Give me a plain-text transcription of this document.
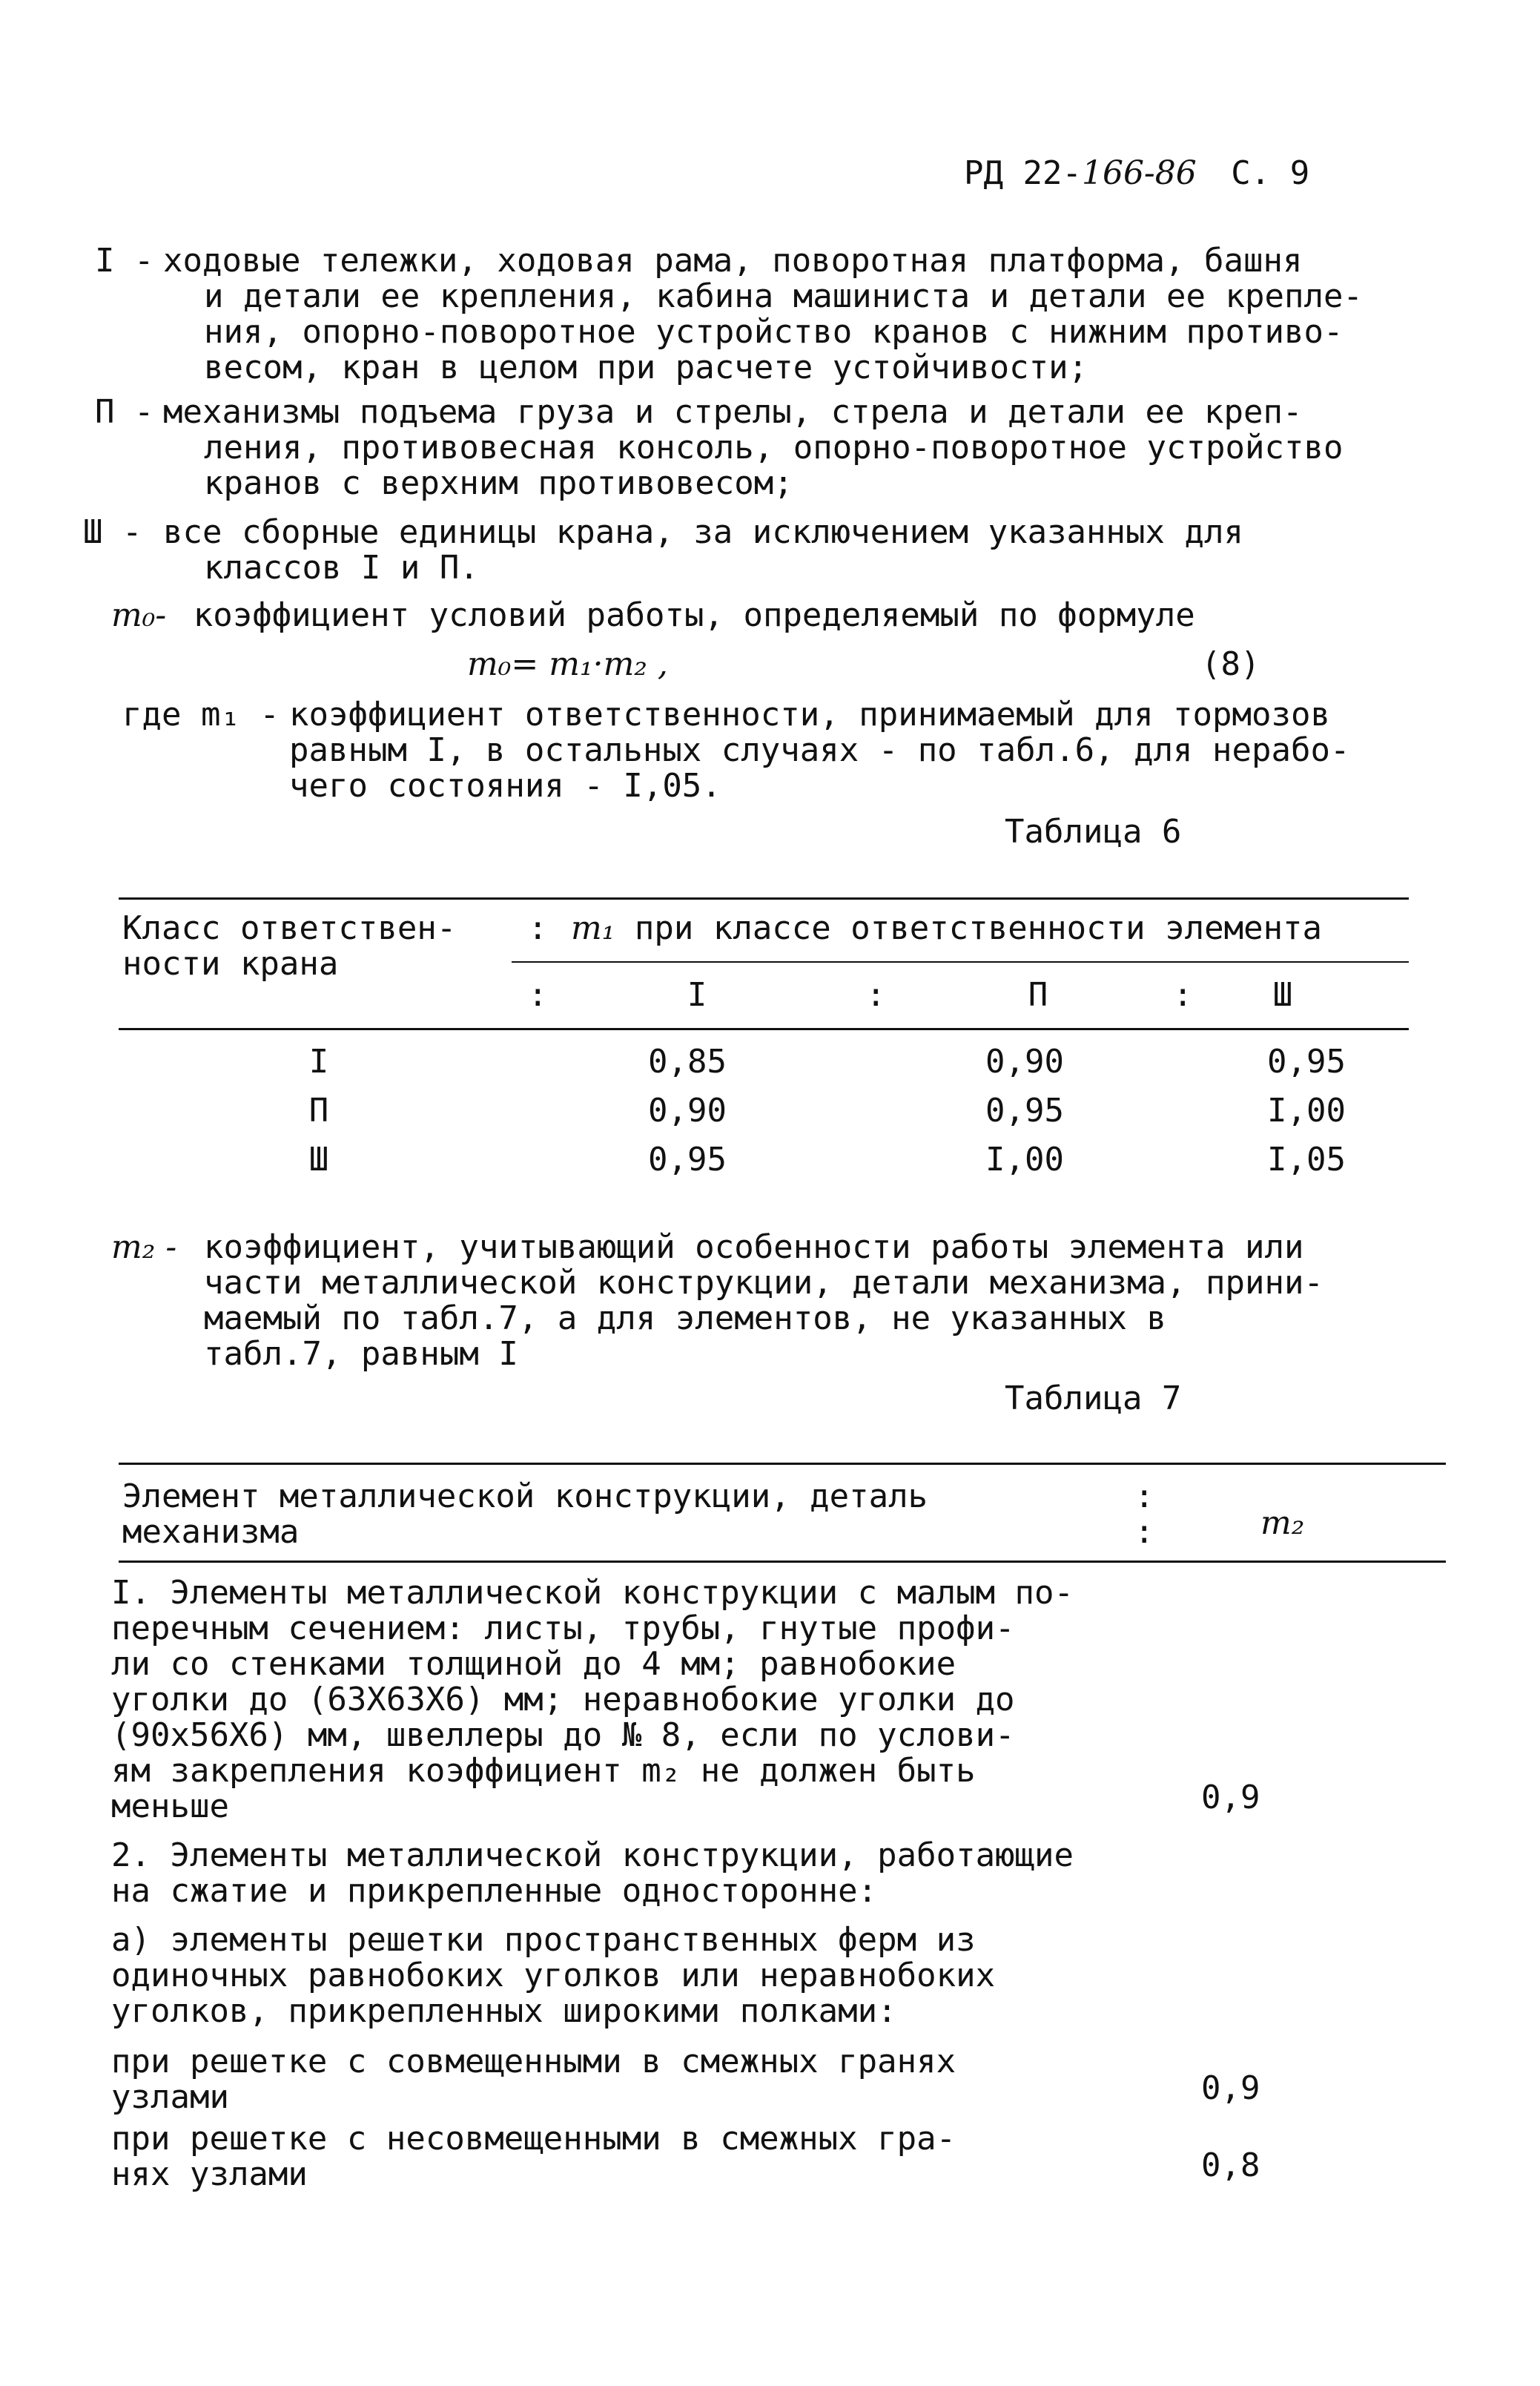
РД 22-166-86 С. 9
I - ходовые тележки, ходовая рама, поворотная платформа, башня
и детали ее крепления, кабина машиниста и детали ее крепле-
ния, опорно-поворотное устройство кранов с нижним противо-
весом, кран в целом при расчете устойчивости;
П - механизмы подъема груза и стрелы, стрела и детали ее креп-
ления, противовесная консоль, опорно-поворотное устройство
кранов с верхним противовесом;
Ш - все сборные единицы крана, за исключением указанных для
классов I и П.
m₀- коэффициент условий работы, определяемый по формуле
m₀= m₁·m₂ ,	(8)
где m₁ - коэффициент ответственности, принимаемый для тормозов
равным I, в остальных случаях - по табл.6, для нерабо-
чего состояния - I,05.
Таблица 6
Класс ответствен-
ности крана
: m₁ при классе ответственности элемента
:	I	:	П	:	Ш
I	0,85	0,90	0,95
П	0,90	0,95	I,00
Ш	0,95	I,00	I,05
m₂ - коэффициент, учитывающий особенности работы элемента или
части металлической конструкции, детали механизма, прини-
маемый по табл.7, а для элементов, не указанных в
табл.7, равным I
Таблица 7
Элемент металлической конструкции, деталь
механизма
:
:	m₂
I. Элементы металлической конструкции с малым по-
перечным сечением: листы, трубы, гнутые профи-
ли со стенками толщиной до 4 мм; равнобокие
уголки до (63Х63Х6) мм; неравнобокие уголки до
(90х56Х6) мм, швеллеры до № 8, если по услови-
ям закрепления коэффициент m₂ не должен быть
меньше	0,9
2. Элементы металлической конструкции, работающие
на сжатие и прикрепленные односторонне:
а) элементы решетки пространственных ферм из
одиночных равнобоких уголков или неравнобоких
уголков, прикрепленных широкими полками:
при решетке с совмещенными в смежных гранях
узлами	0,9
при решетке с несовмещенными в смежных гра-
нях узлами	0,8
